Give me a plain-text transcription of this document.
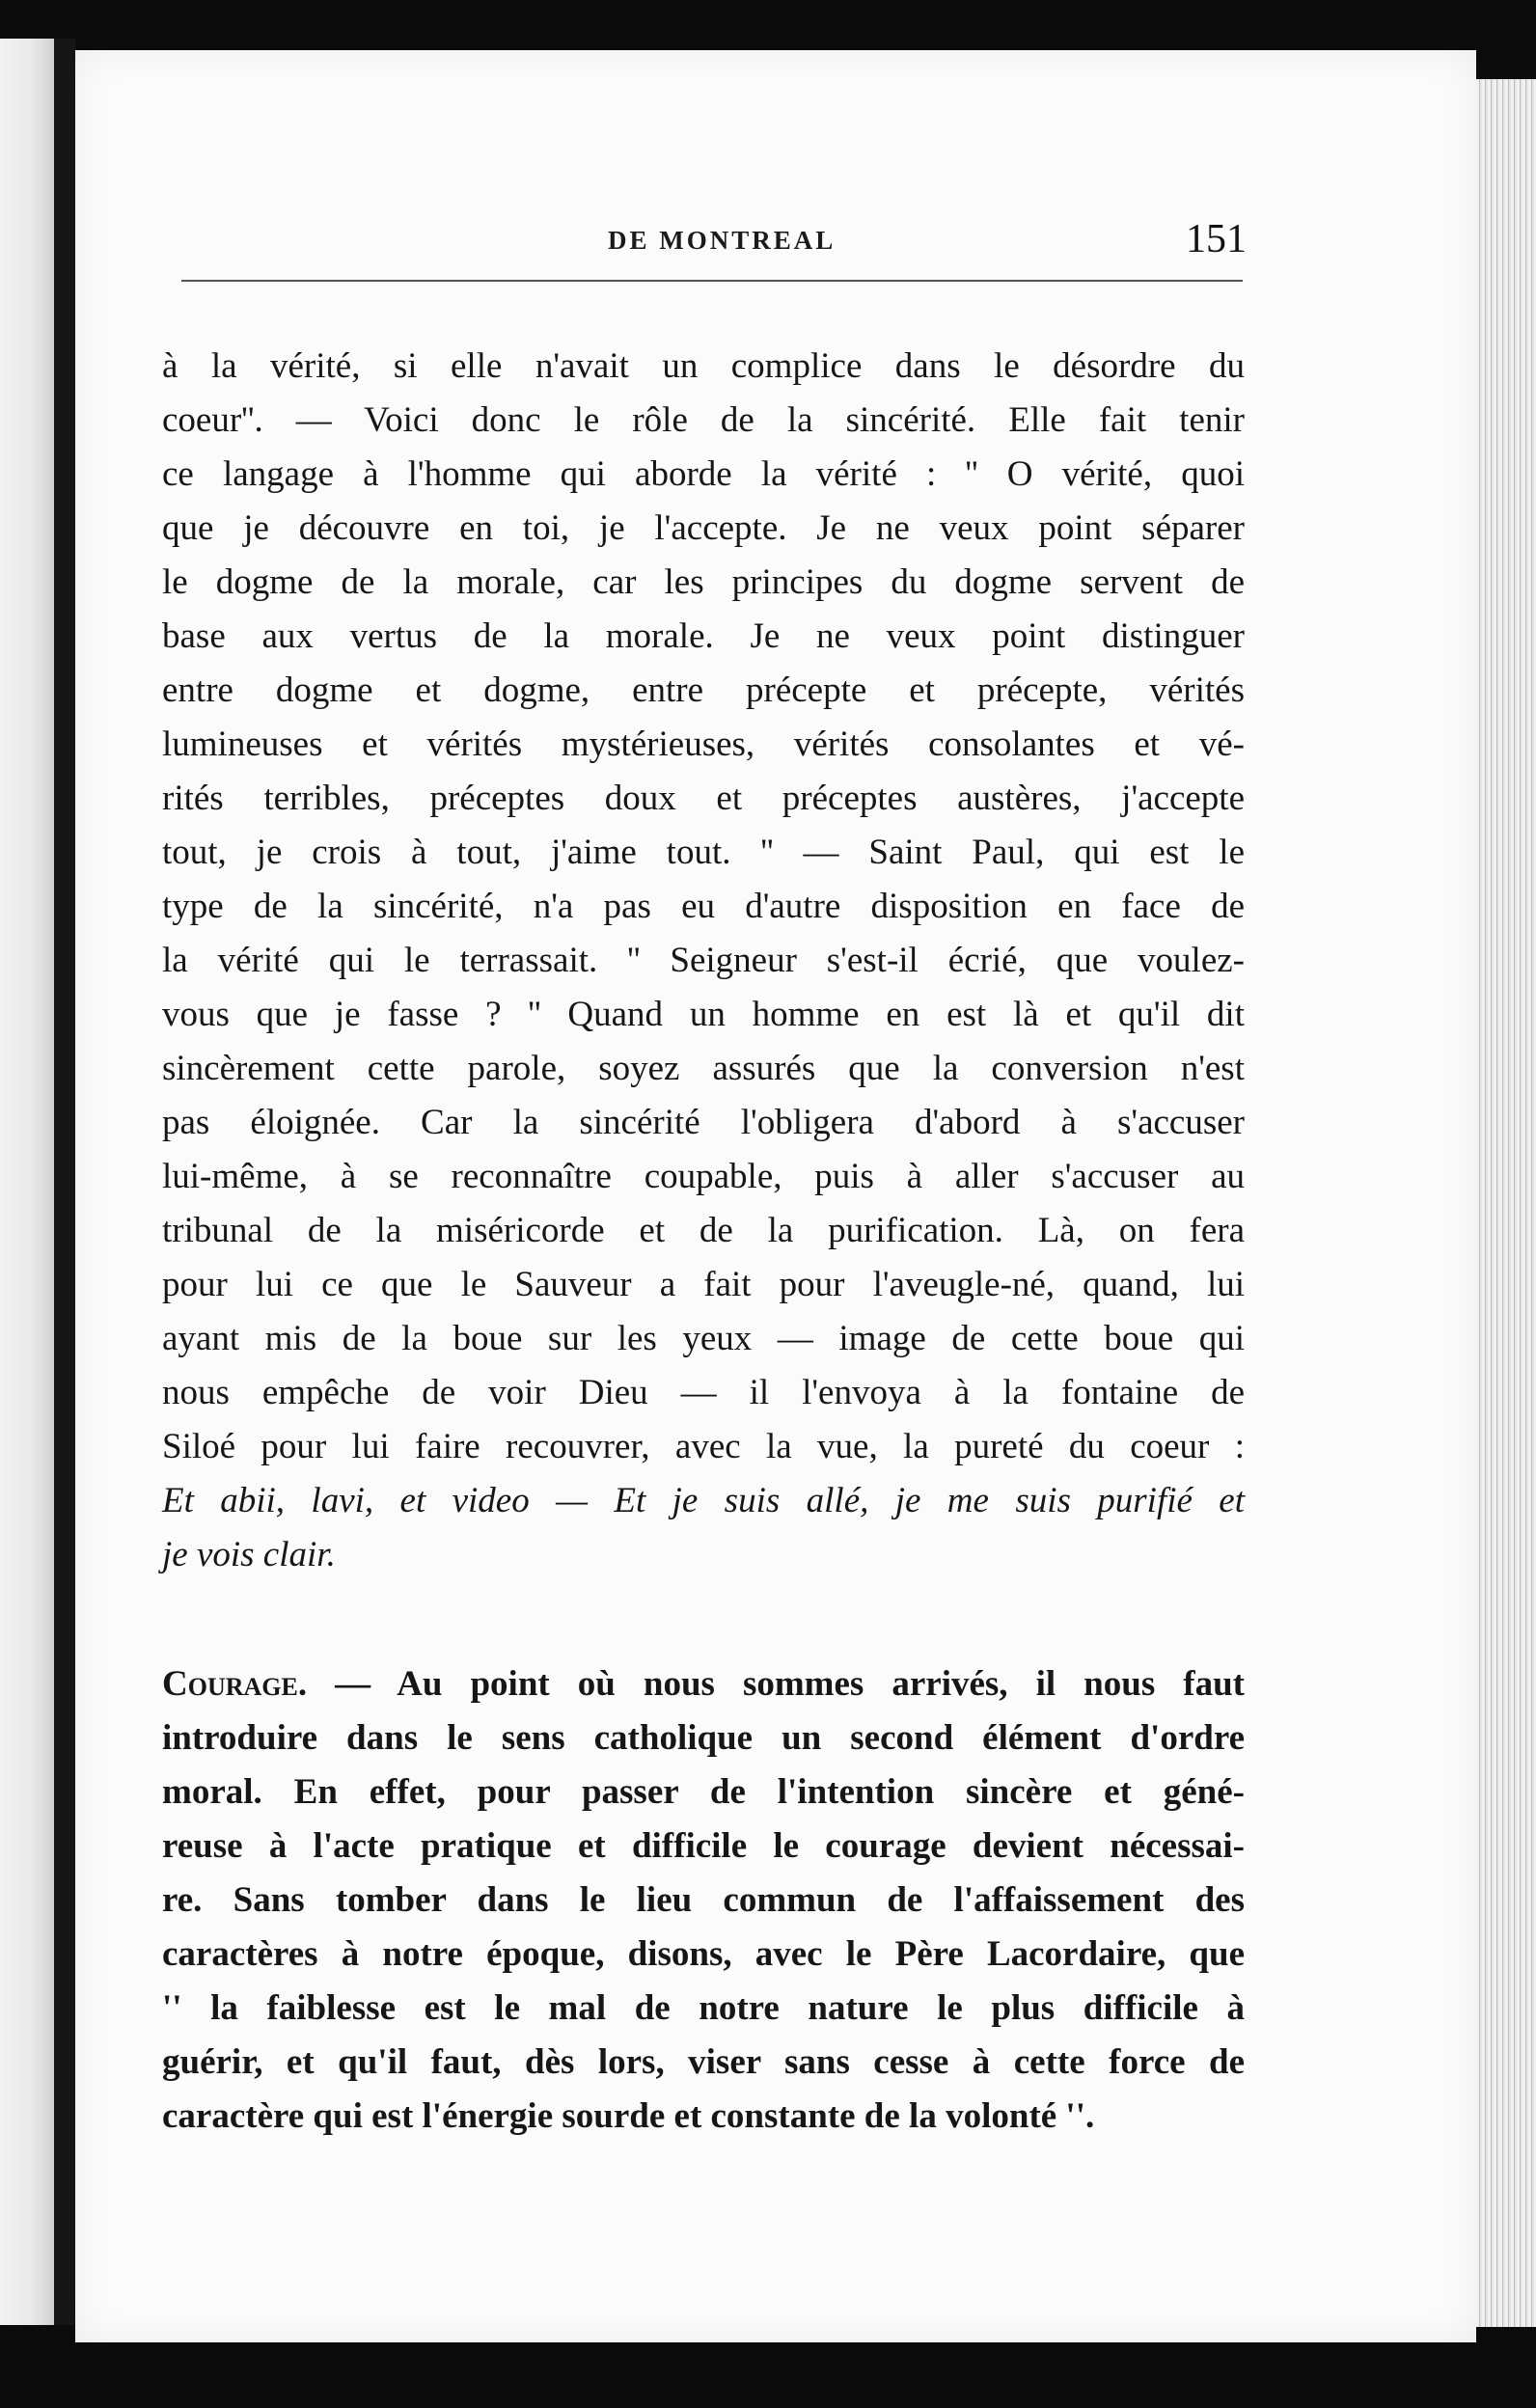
DE MONTREAL	151
à la vérité, si elle n'avait un complice dans le désordre du
coeur''. — Voici donc le rôle de la sincérité. Elle fait tenir
ce langage à l'homme qui aborde la vérité : '' O vérité, quoi
que je découvre en toi, je l'accepte. Je ne veux point séparer
le dogme de la morale, car les principes du dogme servent de
base aux vertus de la morale. Je ne veux point distinguer
entre dogme et dogme, entre précepte et précepte, vérités
lumineuses et vérités mystérieuses, vérités consolantes et vé-
rités terribles, préceptes doux et préceptes austères, j'accepte
tout, je crois à tout, j'aime tout. '' — Saint Paul, qui est le
type de la sincérité, n'a pas eu d'autre disposition en face de
la vérité qui le terrassait. '' Seigneur s'est-il écrié, que voulez-
vous que je fasse ? '' Quand un homme en est là et qu'il dit
sincèrement cette parole, soyez assurés que la conversion n'est
pas éloignée. Car la sincérité l'obligera d'abord à s'accuser
lui-même, à se reconnaître coupable, puis à aller s'accuser au
tribunal de la miséricorde et de la purification. Là, on fera
pour lui ce que le Sauveur a fait pour l'aveugle-né, quand, lui
ayant mis de la boue sur les yeux — image de cette boue qui
nous empêche de voir Dieu — il l'envoya à la fontaine de
Siloé pour lui faire recouvrer, avec la vue, la pureté du coeur :
Et abii, lavi, et video — Et je suis allé, je me suis purifié et
je vois clair.
Courage. — Au point où nous sommes arrivés, il nous faut
introduire dans le sens catholique un second élément d'ordre
moral. En effet, pour passer de l'intention sincère et géné-
reuse à l'acte pratique et difficile le courage devient nécessai-
re. Sans tomber dans le lieu commun de l'affaissement des
caractères à notre époque, disons, avec le Père Lacordaire, que
'' la faiblesse est le mal de notre nature le plus difficile à
guérir, et qu'il faut, dès lors, viser sans cesse à cette force de
caractère qui est l'énergie sourde et constante de la volonté ''.
